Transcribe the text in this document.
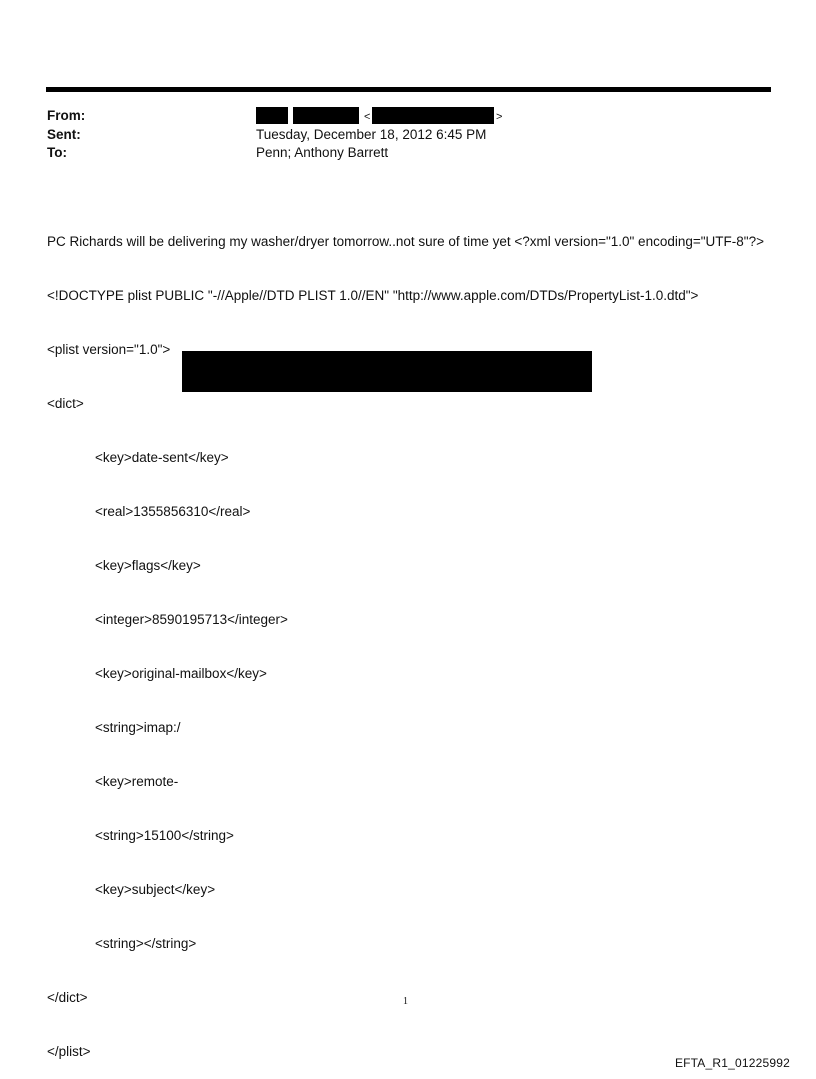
From:	<	>
Sent:	Tuesday, December 18, 2012 6:45 PM
To:	Penn; Anthony Barrett

PC Richards will be delivering my washer/dryer tomorrow..not sure of time yet <?xml version="1.0" encoding="UTF-8"?>

<!DOCTYPE plist PUBLIC "-//Apple//DTD PLIST 1.0//EN" "http://www.apple.com/DTDs/PropertyList-1.0.dtd">

<plist version="1.0">

<dict>

<key>date-sent</key>

<real>1355856310</real>

<key>flags</key>

<integer>8590195713</integer>

<key>original-mailbox</key>

<string>imap:/

<key>remote-

<string>15100</string>

<key>subject</key>

<string></string>

</dict>

</plist>

1
EFTA_R1_01225992
